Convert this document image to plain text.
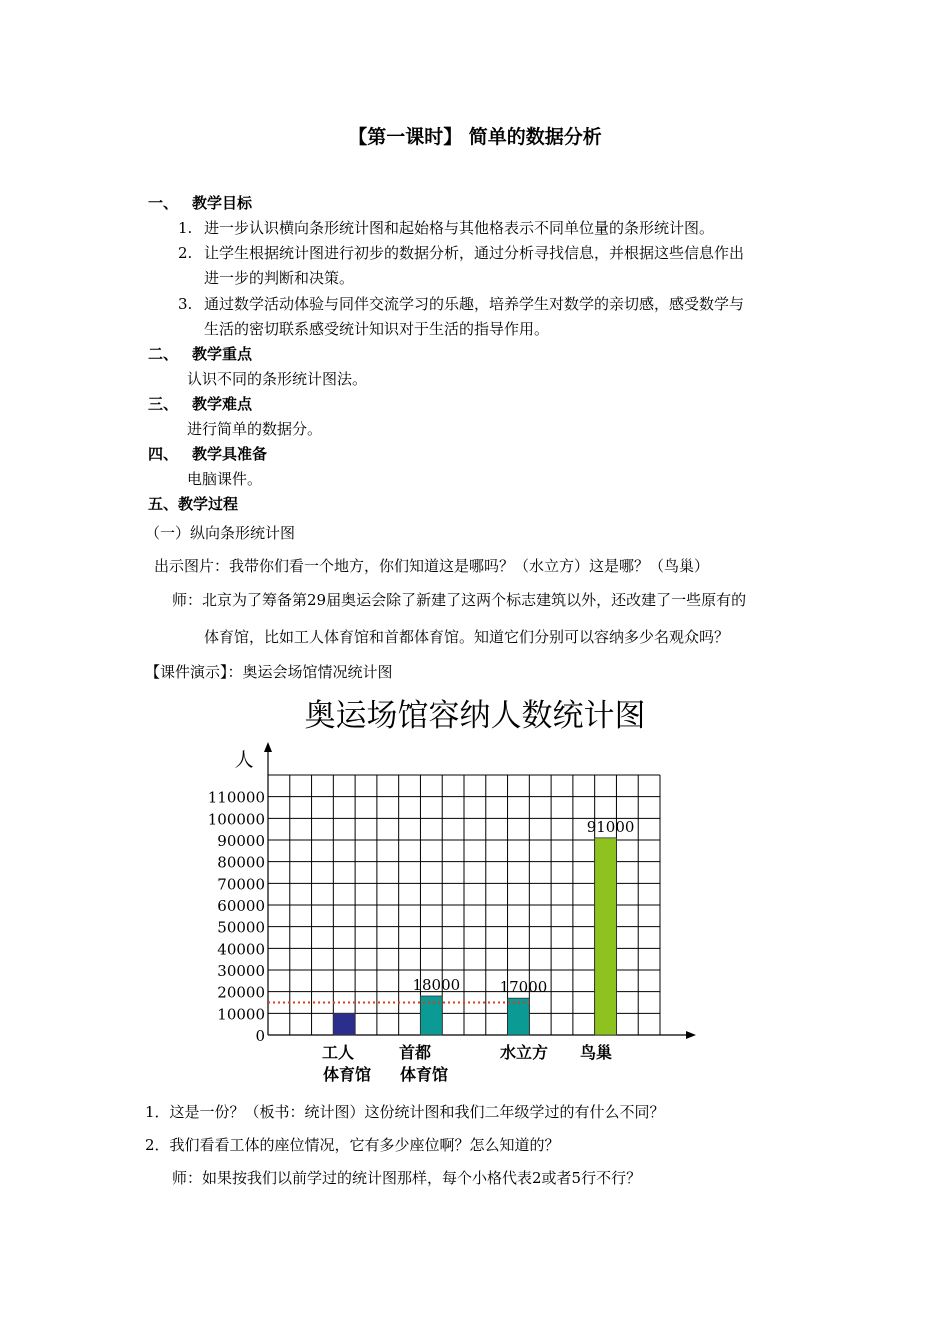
【第一课时】 简单的数据分析
一、 教学目标
1. 进一步认识横向条形统计图和起始格与其他格表示不同单位量的条形统计图。
2. 让学生根据统计图进行初步的数据分析，通过分析寻找信息，并根据这些信息作出
进一步的判断和决策。
3. 通过数学活动体验与同伴交流学习的乐趣，培养学生对数学的亲切感，感受数学与
生活的密切联系感受统计知识对于生活的指导作用。
二、 教学重点
认识不同的条形统计图法。
三、 教学难点
进行简单的数据分。
四、 教学具准备
电脑课件。
五、教学过程
（一）纵向条形统计图
出示图片：我带你们看一个地方，你们知道这是哪吗？（水立方）这是哪？（鸟巢）
师：北京为了筹备第29届奥运会除了新建了这两个标志建筑以外，还改建了一些原有的
体育馆，比如工人体育馆和首都体育馆。知道它们分别可以容纳多少名观众吗？
【课件演示】：奥运会场馆情况统计图
奥运场馆容纳人数统计图
0
10000
20000
30000
40000
50000
60000
70000
80000
90000
100000
110000
18000	17000
91000
工人
体育馆
首都
体育馆
水立方 鸟巢
人
1．这是一份？（板书：统计图）这份统计图和我们二年级学过的有什么不同？
2．我们看看工体的座位情况，它有多少座位啊？怎么知道的？
师：如果按我们以前学过的统计图那样，每个小格代表2或者5行不行？
